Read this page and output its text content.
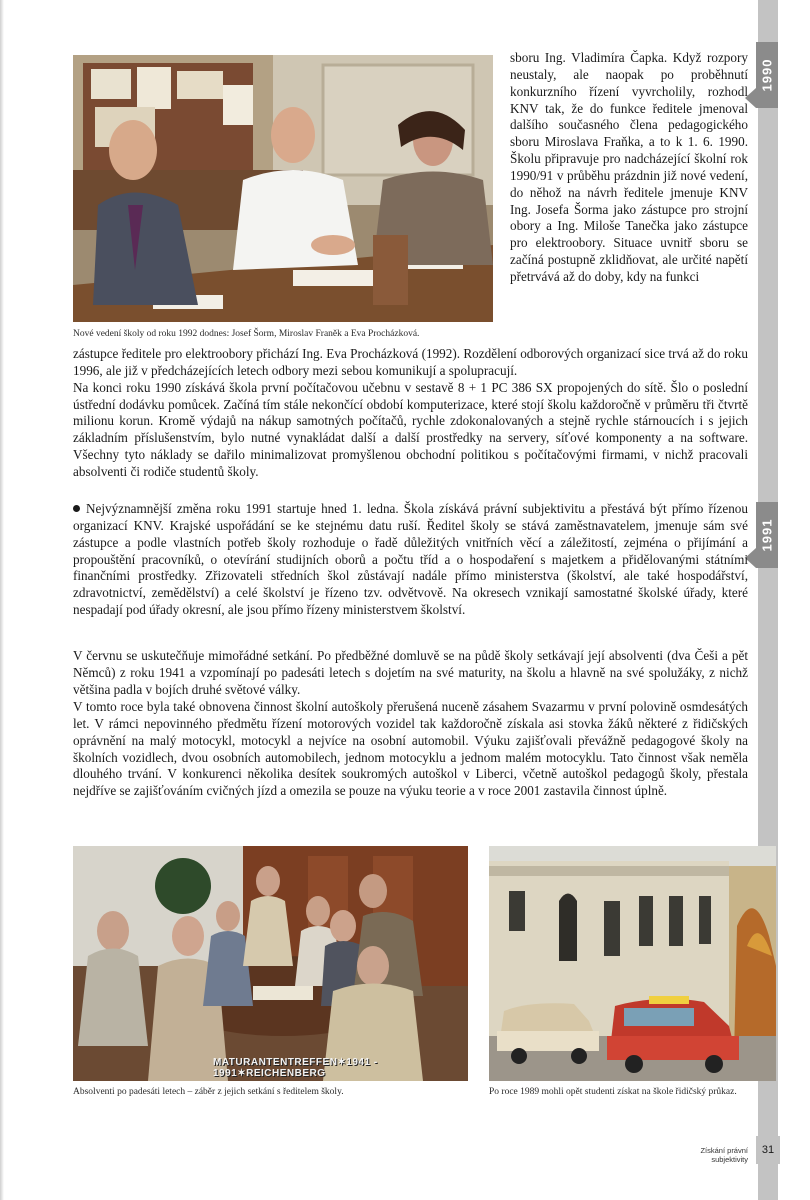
1990
1991
Nové vedení školy od roku 1992 dodnes: Josef Šorm, Miroslav Franěk a Eva Procházková.
sboru Ing. Vladimíra Čapka. Když rozpory neustaly, ale naopak po proběhnutí konkurzního řízení vyvrcholily, rozhodl KNV tak, že do funkce ředitele jmenoval dalšího současného člena pedagogického sboru Miroslava Fraňka, a to k 1. 6. 1990. Školu připravuje pro nadcházející školní rok 1990/91 v průběhu prázdnin již nové vedení, do něhož na návrh ředitele jmenuje KNV Ing. Josefa Šorma jako zástupce pro strojní obory a Ing. Miloše Tanečka jako zástupce pro elektroobory. Situace uvnitř sboru se začíná postupně zklidňovat, ale určité napětí přetrvává až do doby, kdy na funkci
zástupce ředitele pro elektroobory přichází Ing. Eva Procházková (1992). Rozdělení odborových organizací sice trvá až do roku 1996, ale již v předcházejících letech odbory mezi sebou komunikují a spolupracují.
Na konci roku 1990 získává škola první počítačovou učebnu v sestavě 8 + 1 PC 386 SX propojených do sítě. Šlo o poslední ústřední dodávku pomůcek. Začíná tím stále nekončící období komputerizace, které stojí školu každoročně v průměru tři čtvrtě milionu korun. Kromě výdajů na nákup samotných počítačů, rychle zdokonalovaných a stejně rychle stárnoucích i s jejich základním příslušenstvím, bylo nutné vynakládat další a další prostředky na servery, síťové komponenty a na software. Všechny tyto náklady se dařilo minimalizovat promyšlenou obchodní politikou s počítačovými firmami, v nichž pracovali absolventi či rodiče studentů školy.
Nejvýznamnější změna roku 1991 startuje hned 1. ledna. Škola získává právní subjektivitu a přestává být přímo řízenou organizací KNV. Krajské uspořádání se ke stejnému datu ruší. Ředitel školy se stává zaměstnavatelem, jmenuje sám své zástupce a podle vlastních potřeb školy rozhoduje o řadě důležitých vnitřních věcí a záležitostí, zejména o přijímání a propouštění pracovníků, o otevírání studijních oborů a počtu tříd a o hospodaření s majetkem a přidělovanými státními finančními prostředky. Zřizovateli středních škol zůstávají nadále přímo ministerstva (školství, ale také hospodářství, zdravotnictví, zemědělství) a celé školství je řízeno tzv. odvětvově. Na okresech vznikají samostatné školské úřady, které nespadají pod úřady okresní, ale jsou přímo řízeny ministerstvem školství.
V červnu se uskutečňuje mimořádné setkání. Po předběžné domluvě se na půdě školy setkávají její absolventi (dva Češi a pět Němců) z roku 1941 a vzpomínají po padesáti letech s dojetím na své maturity, na školu a hlavně na své spolužáky, z nichž většina padla v bojích druhé světové války.
V tomto roce byla také obnovena činnost školní autoškoly přerušená nuceně zásahem Svazarmu v první polovině osmdesátých let. V rámci nepovinného předmětu řízení motorových vozidel tak každoročně získala asi stovka žáků některé z řidičských oprávnění na malý motocykl, motocykl a nejvíce na osobní automobil. Výuku zajišťovali převážně pedagogové školy na školních vozidlech, dvou osobních automobilech, jednom motocyklu a jednom malém motocyklu. Tato činnost však neměla dlouhého trvání. V konkurenci několika desítek soukromých autoškol v Liberci, včetně autoškol pedagogů školy, přestala nejdříve se zajišťováním cvičných jízd a omezila se pouze na výuku teorie a v roce 2001 zastavila činnost úplně.
MATURANTENTREFFEN✶1941 - 1991✶REICHENBERG
Absolventi po padesáti letech – záběr z jejich setkání s ředitelem školy.	Po roce 1989 mohli opět studenti získat na škole řidičský průkaz.
Získání právní
subjektivity
31
